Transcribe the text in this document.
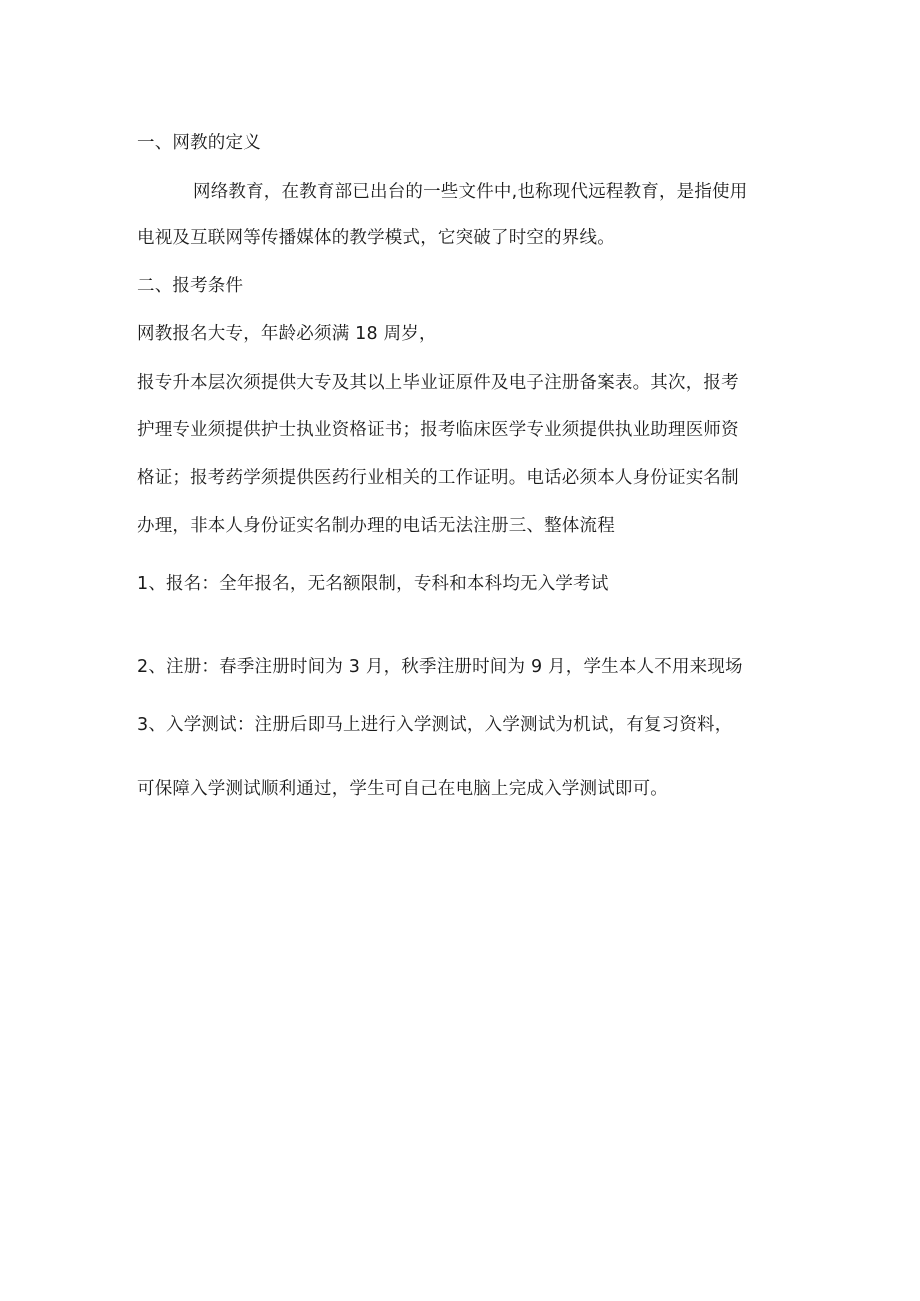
一、网教的定义
网络教育，在教育部已出台的一些文件中,也称现代远程教育，是指使用
电视及互联网等传播媒体的教学模式，它突破了时空的界线。
二、报考条件
网教报名大专，年龄必须满 18 周岁，
报专升本层次须提供大专及其以上毕业证原件及电子注册备案表。其次，报考
护理专业须提供护士执业资格证书；报考临床医学专业须提供执业助理医师资
格证；报考药学须提供医药行业相关的工作证明。电话必须本人身份证实名制
办理，非本人身份证实名制办理的电话无法注册三、整体流程
1、报名：全年报名，无名额限制，专科和本科均无入学考试
2、注册：春季注册时间为 3 月，秋季注册时间为 9 月，学生本人不用来现场
3、入学测试：注册后即马上进行入学测试，入学测试为机试，有复习资料，
可保障入学测试顺利通过，学生可自己在电脑上完成入学测试即可。
